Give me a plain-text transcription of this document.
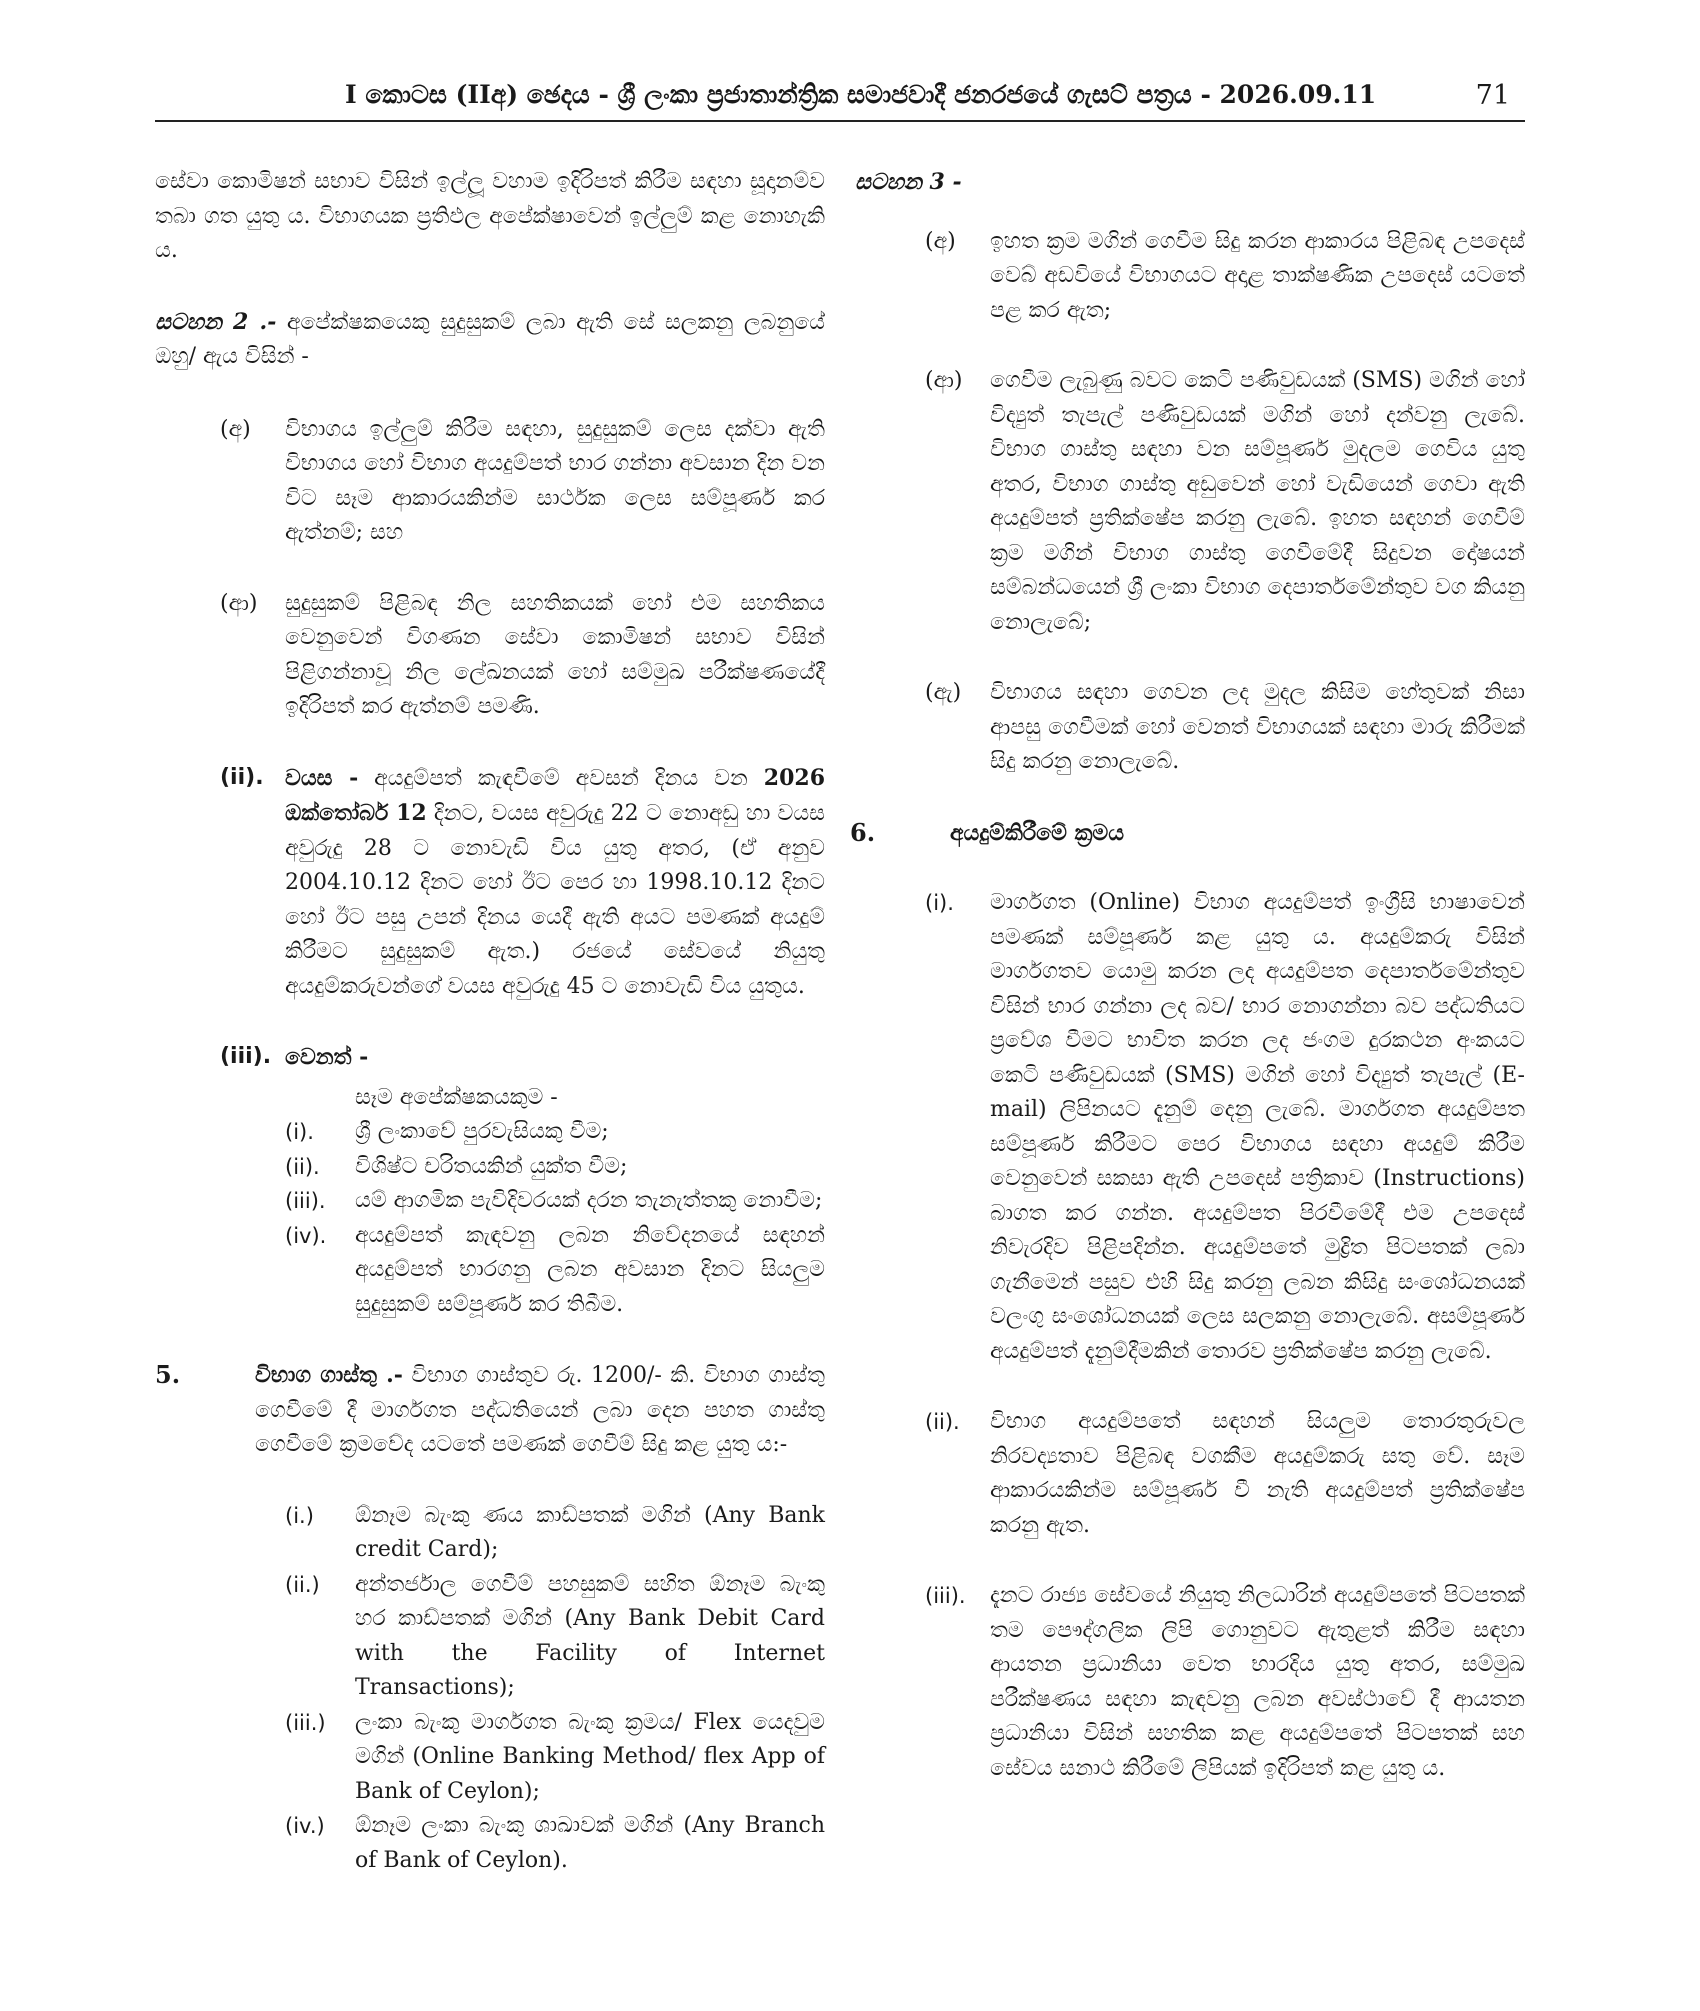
I කොටස (IIඅ) ඡෙදය - ශ්‍රී ලංකා ප්‍රජාතාන්ත්‍රික සමාජවාදී ජනරජයේ ගැසට් පත්‍රය - 2026.09.11	71

සේවා කොමිෂන් සභාව විසින් ඉල්ලූ වහාම ඉදිරිපත් කිරීම සඳහා සූදානම්ව තබා ගත යුතු ය. විභාගයක ප්‍රතිඵල අපේක්ෂාවෙන් ඉල්ලුම් කළ නොහැකි ය.

සටහන 2 .- අපේක්ෂකයෙකු සුදුසුකම් ලබා ඇති සේ සලකනු ලබනුයේ ඔහු/ ඇය විසින් -

(අ)	විභාගය ඉල්ලුම් කිරීම සඳහා, සුදුසුකම් ලෙස දක්වා ඇති විභාගය හෝ විභාග අයදුම්පත් භාර ගන්නා අවසාන දින වන විට සෑම ආකාරයකින්ම සාර්ථක ලෙස සම්පූර්ණ කර ඇත්නම්; සහ
(ආ)	සුදුසුකම් පිළිබඳ නිල සහතිකයක් හෝ එම සහතිකය වෙනුවෙන් විගණන සේවා කොමිෂන් සභාව විසින් පිළිගන්නාවූ නිල ලේඛනයක් හෝ සම්මුඛ පරීක්ෂණයේදී ඉදිරිපත් කර ඇත්නම් පමණි.
(ii). වයස - අයදුම්පත් කැඳවීමේ අවසන් දිනය වන 2026 ඔක්තෝබර් 12 දිනට, වයස අවුරුදු 22 ට නොඅඩු හා වයස අවුරුදු 28 ට නොවැඩි විය යුතු අතර, (ඒ අනුව 2004.10.12 දිනට හෝ ඊට පෙර හා 1998.10.12 දිනට හෝ ඊට පසු උපන් දිනය යෙදී ඇති අයට පමණක් අයදුම් කිරීමට සුදුසුකම් ඇත.) රජයේ සේවයේ නියුතු අයදුම්කරුවන්ගේ වයස අවුරුදු 45 ට නොවැඩි විය යුතුය.
(iii). වෙනත් -
සෑම අපේක්ෂකයකුම -
(i).	ශ්‍රී ලංකාවේ පුරවැසියකු වීම;
(ii).	විශිෂ්ට චරිතයකින් යුක්ත වීම;
(iii).	යම් ආගමික පැවිදිවරයක් දරන තැනැත්තකු නොවීම;
(iv).	අයදුම්පත් කැඳවනු ලබන නිවේදනයේ සඳහන් අයදුම්පත් භාරගනු ලබන අවසාන දිනට සියලුම සුදුසුකම් සම්පූර්ණ කර තිබීම.
5.	විභාග ගාස්තු .- විභාග ගාස්තුව රු. 1200/- කි. විභාග ගාස්තු ගෙවීමේ දී මාර්ගගත පද්ධතියෙන් ලබා දෙන පහත ගාස්තු ගෙවීමේ ක්‍රමවේද යටතේ පමණක් ගෙවීම් සිදු කළ යුතු ය:-
(i.)	ඕනෑම බැංකු ණය කාඩ්පතක් මගින් (Any Bank credit Card);
(ii.)	අන්තර්ජාල ගෙවීම් පහසුකම් සහිත ඕනෑම බැංකු හර කාඩ්පතක් මගින් (Any Bank Debit Card with the Facility of Internet Transactions);
(iii.)	ලංකා බැංකු මාර්ගගත බැංකු ක්‍රමය/ Flex යෙදවුම මගින් (Online Banking Method/ flex App of Bank of Ceylon);
(iv.)	ඕනෑම ලංකා බැංකු ශාඛාවක් මගින් (Any Branch of Bank of Ceylon).

සටහන 3 -

(අ)	ඉහත ක්‍රම මගින් ගෙවීම සිදු කරන ආකාරය පිළිබඳ උපදෙස් වෙබ් අඩවියේ විභාගයට අදාළ තාක්ෂණික උපදෙස් යටතේ පළ කර ඇත;
(ආ)	ගෙවීම ලැබුණු බවට කෙටි පණිවුඩයක් (SMS) මගින් හෝ විද්‍යුත් තැපැල් පණිවුඩයක් මගින් හෝ දන්වනු ලැබේ. විභාග ගාස්තු සඳහා වන සම්පූර්ණ මුදලම ගෙවිය යුතු අතර, විභාග ගාස්තු අඩුවෙන් හෝ වැඩියෙන් ගෙවා ඇති අයදුම්පත් ප්‍රතික්ෂේප කරනු ලැබේ. ඉහත සඳහන් ගෙවීම් ක්‍රම මගින් විභාග ගාස්තු ගෙවීමේදී සිදුවන දෝෂයන් සම්බන්ධයෙන් ශ්‍රී ලංකා විභාග දෙපාර්තමේන්තුව වග කියනු නොලැබේ;
(ඇ)	විභාගය සඳහා ගෙවන ලද මුදල කිසිම හේතුවක් නිසා ආපසු ගෙවීමක් හෝ වෙනත් විභාගයක් සඳහා මාරු කිරීමක් සිදු කරනු නොලැබේ.
6.	අයදුම්කිරීමේ ක්‍රමය
(i).	මාර්ගගත (Online) විභාග අයදුම්පත් ඉංග්‍රීසි භාෂාවෙන් පමණක් සම්පූර්ණ කළ යුතු ය. අයදුම්කරු විසින් මාර්ගගතව යොමු කරන ලද අයදුම්පත දෙපාර්තමේන්තුව විසින් භාර ගන්නා ලද බව/ භාර නොගන්නා බව පද්ධතියට ප්‍රවේශ වීමට භාවිත කරන ලද ජංගම දුරකථන අංකයට කෙටි පණිවුඩයක් (SMS) මගින් හෝ විද්‍යුත් තැපැල් (E-mail) ලිපිනයට දැනුම් දෙනු ලැබේ. මාර්ගගත අයදුම්පත සම්පූර්ණ කිරීමට පෙර විභාගය සඳහා අයදුම් කිරීම වෙනුවෙන් සකසා ඇති උපදෙස් පත්‍රිකාව (Instructions) බාගත කර ගන්න. අයදුම්පත පිරවීමේදී එම උපදෙස් නිවැරදිව පිළිපදින්න. අයදුම්පතේ මුද්‍රිත පිටපතක් ලබා ගැනීමෙන් පසුව එහි සිදු කරනු ලබන කිසිදු සංශෝධනයක් වලංගු සංශෝධනයක් ලෙස සලකනු නොලැබේ. අසම්පූර්ණ අයදුම්පත් දැනුම්දීමකින් තොරව ප්‍රතික්ෂේප කරනු ලැබේ.
(ii).	විභාග අයදුම්පතේ සඳහන් සියලුම තොරතුරුවල නිරවද්‍යතාව පිළිබඳ වගකීම අයදුම්කරු සතු වේ. සෑම ආකාරයකින්ම සම්පූර්ණ වී නැති අයදුම්පත් ප්‍රතික්ෂේප කරනු ඇත.
(iii).	දැනට රාජ්‍ය සේවයේ නියුතු නිලධාරින් අයදුම්පතේ පිටපතක් තම පෞද්ගලික ලිපි ගොනුවට ඇතුළත් කිරීම සඳහා ආයතන ප්‍රධානියා වෙත භාරදිය යුතු අතර, සම්මුඛ පරීක්ෂණය සඳහා කැඳවනු ලබන අවස්ථාවේ දී ආයතන ප්‍රධානියා විසින් සහතික කළ අයදුම්පතේ පිටපතක් සහ සේවය සනාථ කිරීමේ ලිපියක් ඉදිරිපත් කළ යුතු ය.
